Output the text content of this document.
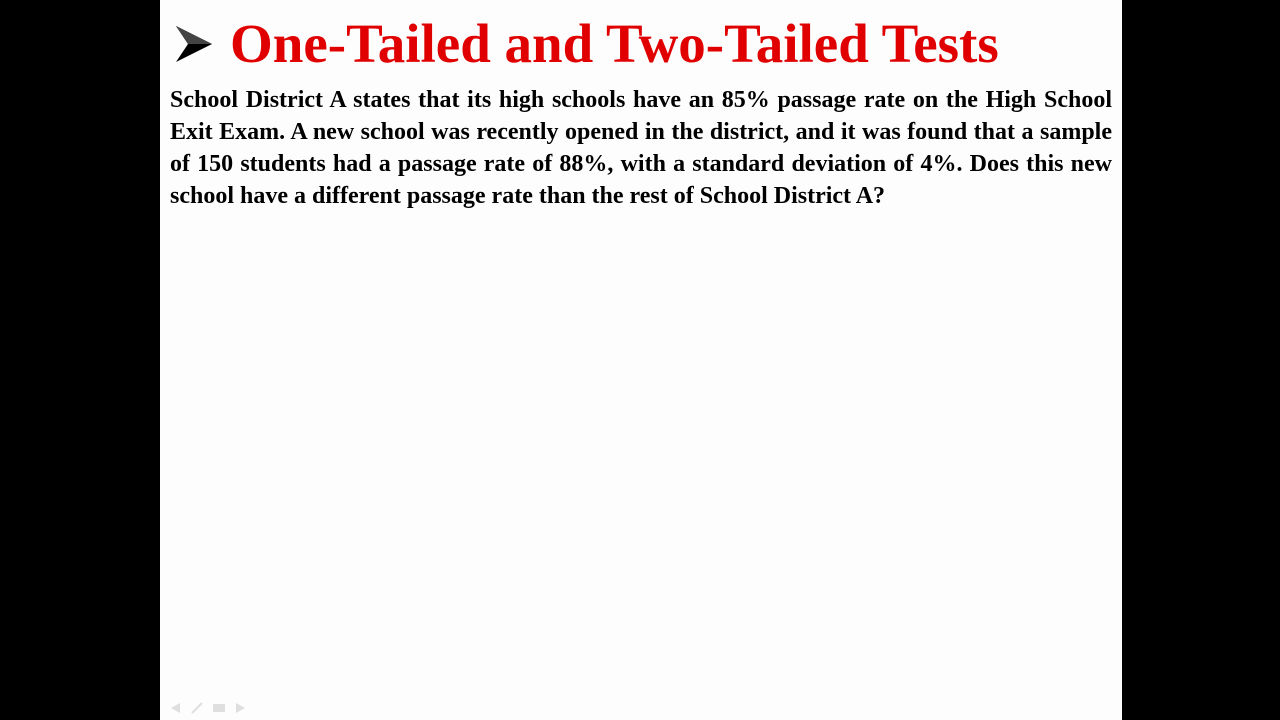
One-Tailed and Two-Tailed Tests
School District A states that its high schools have an 85% passage rate on the High School Exit Exam. A new school was recently opened in the district, and it was found that a sample of 150 students had a passage rate of 88%, with a standard deviation of 4%. Does this new school have a different passage rate than the rest of School District A?
